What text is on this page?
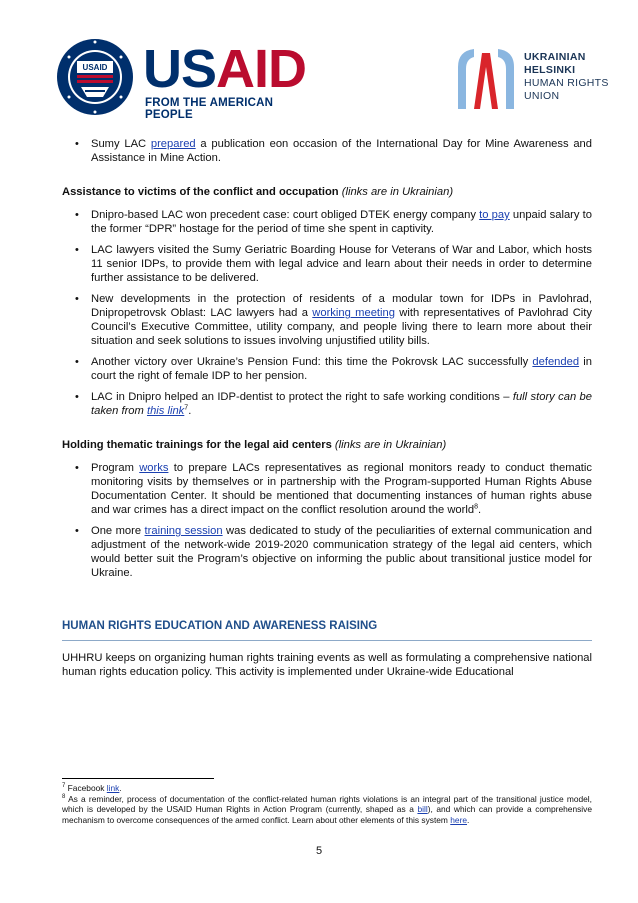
USAID USAID
FROM THE AMERICAN PEOPLE
UKRAINIAN
HELSINKI
HUMAN RIGHTS
UNION
• Sumy LAC prepared a publication eon occasion of the International Day for Mine Awareness and Assistance in Mine Action.
Assistance to victims of the conflict and occupation (links are in Ukrainian)
• Dnipro-based LAC won precedent case: court obliged DTEK energy company to pay unpaid salary to the former “DPR” hostage for the period of time she spent in captivity.
• LAC lawyers visited the Sumy Geriatric Boarding House for Veterans of War and Labor, which hosts 11 senior IDPs, to provide them with legal advice and learn about their needs in order to determine further assistance to be delivered.
• New developments in the protection of residents of a modular town for IDPs in Pavlohrad, Dnipropetrovsk Oblast: LAC lawyers had a working meeting with representatives of Pavlohrad City Council’s Executive Committee, utility company, and people living there to learn more about their situation and seek solutions to issues involving unjustified utility bills.
• Another victory over Ukraine’s Pension Fund: this time the Pokrovsk LAC successfully defended in court the right of female IDP to her pension.
• LAC in Dnipro helped an IDP-dentist to protect the right to safe working conditions – full story can be taken from this link$^7$.
Holding thematic trainings for the legal aid centers (links are in Ukrainian)
• Program works to prepare LACs representatives as regional monitors ready to conduct thematic monitoring visits by themselves or in partnership with the Program-supported Human Rights Abuse Documentation Center. It should be mentioned that documenting instances of human rights abuse and war crimes has a direct impact on the conflict resolution around the world$^8$.
• One more training session was dedicated to study of the peculiarities of external communication and adjustment of the network-wide 2019-2020 communication strategy of the legal aid centers, which would better suit the Program’s objective on informing the public about transitional justice model for Ukraine.
HUMAN RIGHTS EDUCATION AND AWARENESS RAISING
UHHRU keeps on organizing human rights training events as well as formulating a comprehensive national human rights education policy. This activity is implemented under Ukraine-wide Educational
$^7$ Facebook link.
$^8$ As a reminder, process of documentation of the conflict-related human rights violations is an integral part of the transitional justice model, which is developed by the USAID Human Rights in Action Program (currently, shaped as a bill), and which can provide a comprehensive mechanism to overcome consequences of the armed conflict. Learn about other elements of this system here.
5
